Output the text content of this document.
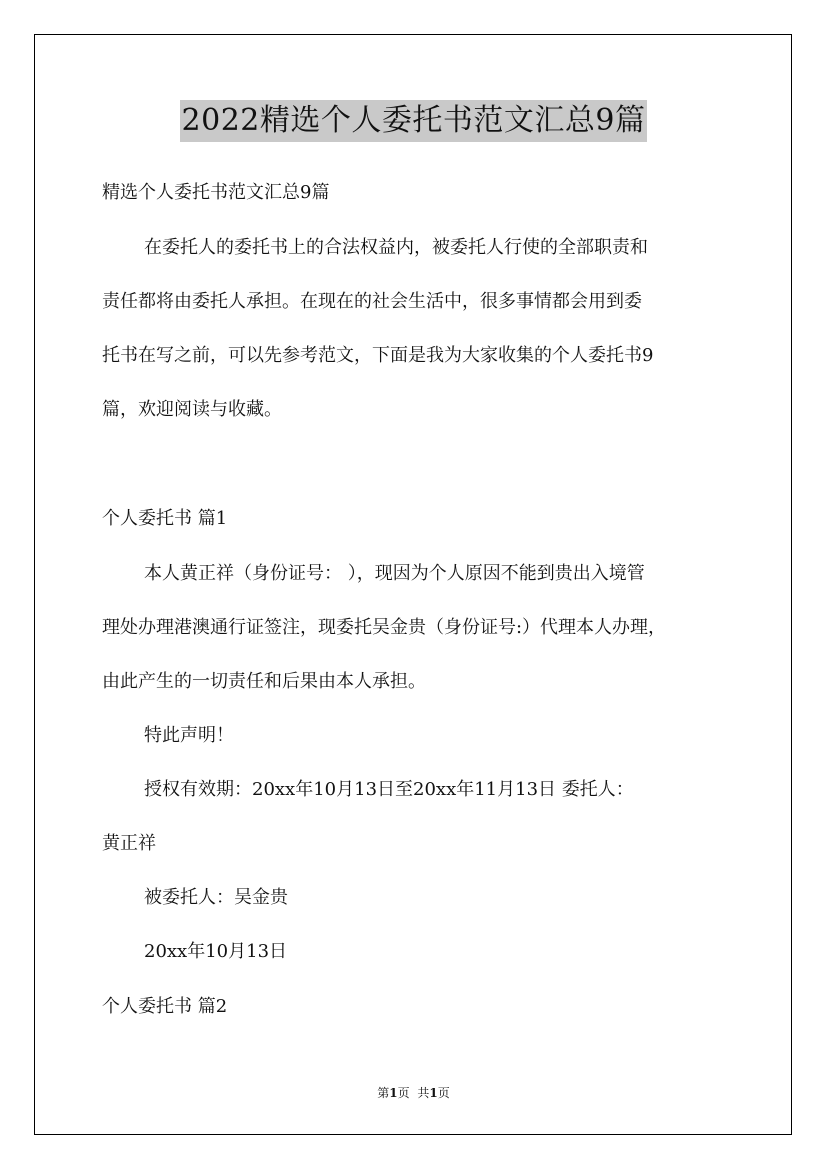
2022精选个人委托书范文汇总9篇
精选个人委托书范文汇总9篇
在委托人的委托书上的合法权益内，被委托人行使的全部职责和
责任都将由委托人承担。在现在的社会生活中，很多事情都会用到委
托书在写之前，可以先参考范文，下面是我为大家收集的个人委托书9
篇，欢迎阅读与收藏。
个人委托书 篇1
本人黄正祥（身份证号： ），现因为个人原因不能到贵出入境管
理处办理港澳通行证签注，现委托吴金贵（身份证号:）代理本人办理，
由此产生的一切责任和后果由本人承担。
特此声明！
授权有效期：20xx年10月13日至20xx年11月13日 委托人：
黄正祥
被委托人：吴金贵
20xx年10月13日
个人委托书 篇2
第1页 共1页
